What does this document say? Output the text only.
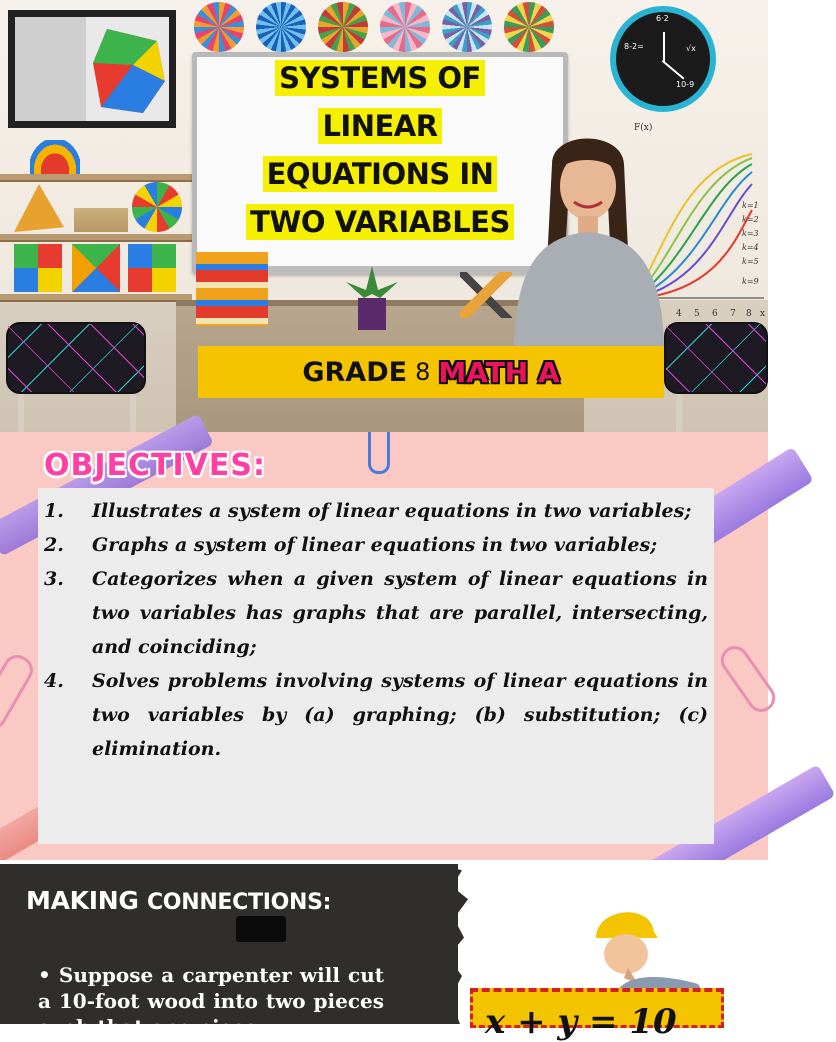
6·2
8-2=	√x
10-9
SYSTEMS OF
LINEAR
EQUATIONS IN
TWO VARIABLES
F(x)
k=1
k=2
k=3
k=4
k=5
k=9
4 5 6 7 8 x
GRADE 8 MATH A
OBJECTIVES:
1.	Illustrates a system of linear equations in two variables;
2.	Graphs a system of linear equations in two variables;
3.	Categorizes when a given system of linear equations in two variables has graphs that are parallel, intersecting, and coinciding;
4.	Solves problems involving systems of linear equations in two variables by (a) graphing; (b) substitution; (c) elimination.
MAKING CONNECTIONS:
• Suppose a carpenter will cut a 10-foot wood into two pieces such that one piece	x + y = 10
